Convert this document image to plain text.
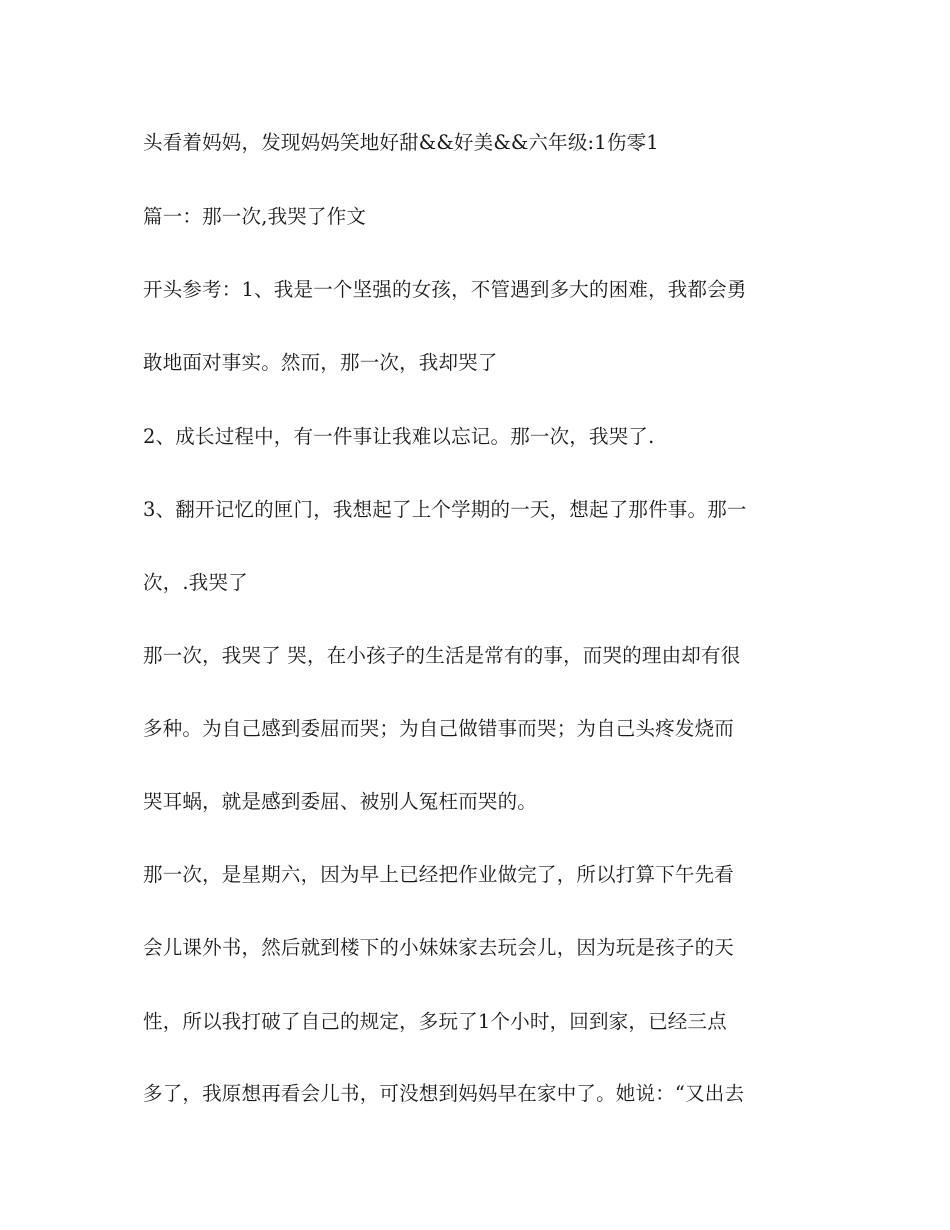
头看着妈妈，发现妈妈笑地好甜&&好美&&六年级:1伤零1

篇一：那一次,我哭了作文

开头参考：1、我是一个坚强的女孩，不管遇到多大的困难，我都会勇

敢地面对事实。然而，那一次，我却哭了

2、成长过程中，有一件事让我难以忘记。那一次，我哭了.

3、翻开记忆的匣门，我想起了上个学期的一天，想起了那件事。那一

次，.我哭了

那一次，我哭了 哭，在小孩子的生活是常有的事，而哭的理由却有很

多种。为自己感到委屈而哭；为自己做错事而哭；为自己头疼发烧而

哭耳蜗，就是感到委屈、被别人冤枉而哭的。

那一次，是星期六，因为早上已经把作业做完了，所以打算下午先看

会儿课外书，然后就到楼下的小妹妹家去玩会儿，因为玩是孩子的天

性，所以我打破了自己的规定，多玩了1个小时，回到家，已经三点

多了，我原想再看会儿书，可没想到妈妈早在家中了。她说：“又出去
